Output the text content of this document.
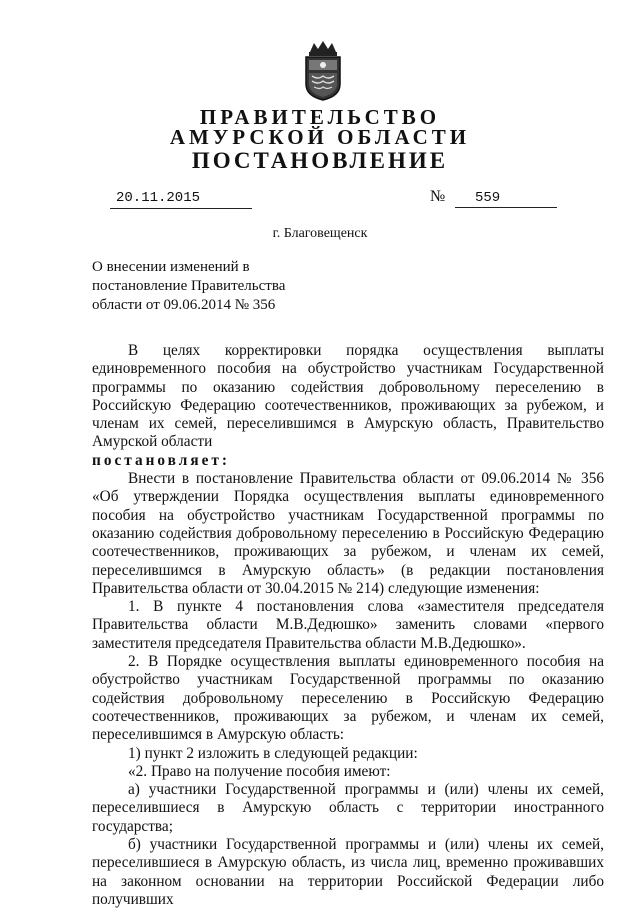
ПРАВИТЕЛЬСТВО
АМУРСКОЙ ОБЛАСТИ
ПОСТАНОВЛЕНИЕ
20.11.2015	№	559
г. Благовещенск
О внесении изменений в
постановление Правительства
области от 09.06.2014 № 356

В целях корректировки порядка осуществления выплаты единовременного пособия на обустройство участникам Государственной программы по оказанию содействия добровольному переселению в Российскую Федерацию соотечественников, проживающих за рубежом, и членам их семей, переселившимся в Амурскую область, Правительство Амурской области

постановляет:

Внести в постановление Правительства области от 09.06.2014 № 356 «Об утверждении Порядка осуществления выплаты единовременного пособия на обустройство участникам Государственной программы по оказанию содействия добровольному переселению в Российскую Федерацию соотечественников, проживающих за рубежом, и членам их семей, переселившимся в Амурскую область» (в редакции постановления Правительства области от 30.04.2015 № 214) следующие изменения:

1. В пункте 4 постановления слова «заместителя председателя Правительства области М.В.Дедюшко» заменить словами «первого заместителя председателя Правительства области М.В.Дедюшко».

2. В Порядке осуществления выплаты единовременного пособия на обустройство участникам Государственной программы по оказанию содействия добровольному переселению в Российскую Федерацию соотечественников, проживающих за рубежом, и членам их семей, переселившимся в Амурскую область:

1) пункт 2 изложить в следующей редакции:

«2. Право на получение пособия имеют:

а) участники Государственной программы и (или) члены их семей, переселившиеся в Амурскую область с территории иностранного государства;

б) участники Государственной программы и (или) члены их семей, переселившиеся в Амурскую область, из числа лиц, временно проживавших на законном основании на территории Российской Федерации либо получивших
